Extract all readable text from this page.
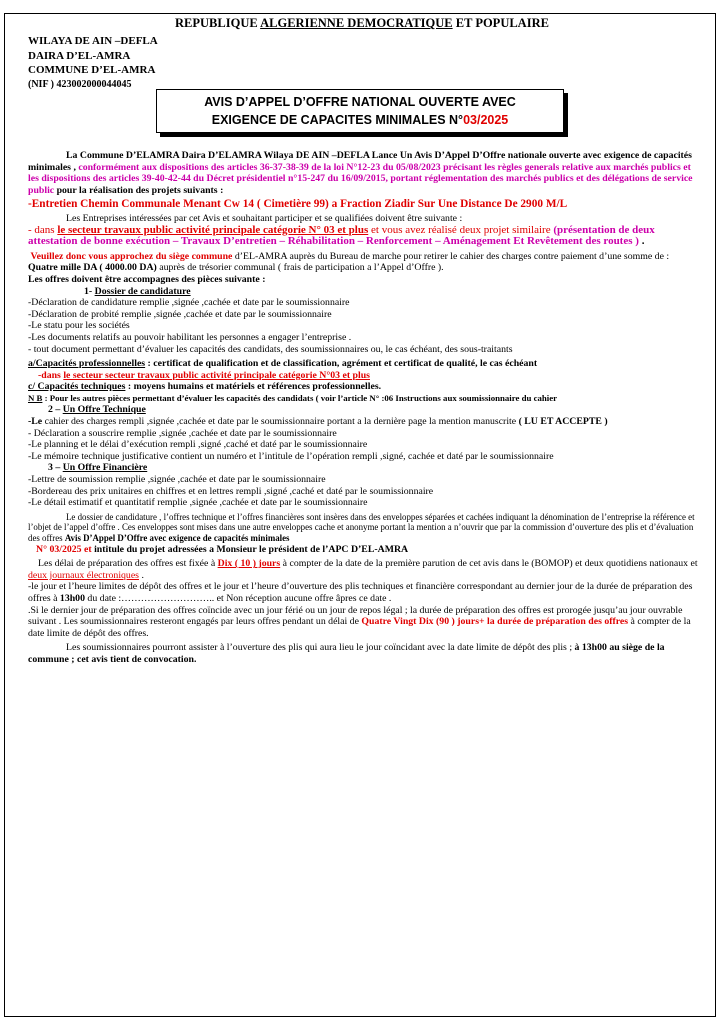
REPUBLIQUE ALGERIENNE DEMOCRATIQUE ET POPULAIRE
WILAYA DE AIN –DEFLA
DAIRA D’EL-AMRA
COMMUNE D’EL-AMRA
(NIF ) 423002000044045
AVIS D’APPEL D’OFFRE NATIONAL OUVERTE AVEC
EXIGENCE DE CAPACITES MINIMALES N°03/2025

La Commune D’ELAMRA Daira D’ELAMRA Wilaya DE AIN –DEFLA Lance Un Avis D’Appel D’Offre nationale ouverte avec exigence de capacités minimales , conformément aux dispositions des articles 36-37-38-39 de la loi N°12-23 du 05/08/2023 précisant les règles generals relative aux marchés publics et les dispositions des articles 39-40-42-44 du Décret présidentiel n°15-247 du 16/09/2015, portant réglementation des marchés publics et des délégations de service public pour la réalisation des projets suivants :

-Entretien Chemin Communale Menant Cw 14 ( Cimetière 99) a Fraction Ziadir Sur Une Distance De 2900 M/L

Les Entreprises intéressées par cet Avis et souhaitant participer et se qualifiées doivent être suivante :

- dans le secteur travaux public activité principale catégorie N° 03 et plus et vous avez réalisé deux projet similaire (présentation de deux attestation de bonne exécution – Travaux D’entretien – Réhabilitation – Renforcement – Aménagement Et Revêtement des routes ) .

Veuillez donc vous approchez du siège commune d’EL-AMRA auprès du Bureau de marche pour retirer le cahier des charges contre paiement d’une somme de : Quatre mille DA ( 4000.00 DA) auprès de trésorier communal ( frais de participation a l’Appel d’Offre ).

Les offres doivent être accompagnes des pièces suivante :

1- Dossier de candidature

-Déclaration de candidature remplie ,signée ,cachée et date par le soumissionnaire

-Déclaration de probité remplie ,signée ,cachée et date par le soumissionnaire

-Le statu pour les sociétés

-Les documents relatifs au pouvoir habilitant les personnes a engager l’entreprise .

- tout document permettant d’évaluer les capacités des candidats, des soumissionnaires ou, le cas échéant, des sous-traitants

a/Capacités professionnelles : certificat de qualification et de classification, agrément et certificat de qualité, le cas échéant

-dans le secteur secteur travaux public activité principale catégorie N°03 et plus

c/ Capacités techniques : moyens humains et matériels et références professionnelles.

N B : Pour les autres pièces permettant d’évaluer les capacités des candidats ( voir l’article N° :06 Instructions aux soumissionnaire du cahier

2 – Un Offre Technique

-Le cahier des charges rempli ,signée ,cachée et date par le soumissionnaire portant a la dernière page la mention manuscrite ( LU ET ACCEPTE )

- Déclaration a souscrire remplie ,signée ,cachée et date par le soumissionnaire

-Le planning et le délai d’exécution rempli ,signé ,caché et daté par le soumissionnaire

-Le mémoire technique justificative contient un numéro et l’intitule de l’opération rempli ,signé, cachée et daté par le soumissionnaire

3 – Un Offre Financière

-Lettre de soumission remplie ,signée ,cachée et date par le soumissionnaire

-Bordereau des prix unitaires en chiffres et en lettres rempli ,signé ,caché et daté par le soumissionnaire

-Le détail estimatif et quantitatif remplie ,signée ,cachée et date par le soumissionnaire

Le dossier de candidature , l’offres technique et l’offres financières sont insères dans des enveloppes séparées et cachées indiquant la dénomination de l’entreprise la référence et l’objet de l’appel d’offre . Ces enveloppes sont mises dans une autre enveloppes cache et anonyme portant la mention a n’ouvrir que par la commission d’ouverture des plis et d’évaluation des offres Avis D’Appel D’Offre avec exigence de capacités minimales

N° 03/2025 et intitule du projet adressées a Monsieur le président de l’APC D’EL-AMRA

Les délai de préparation des offres est fixée à Dix ( 10 ) jours à compter de la date de la première parution de cet avis dans le (BOMOP) et deux quotidiens nationaux et deux journaux électroniques .

-le jour et l’heure limites de dépôt des offres et le jour et l’heure d’ouverture des plis techniques et financière correspondant au dernier jour de la durée de préparation des offres à 13h00 du date :……………………….. et Non réception aucune offre âpres ce date .

.Si le dernier jour de préparation des offres coïncide avec un jour férié ou un jour de repos légal ; la durée de préparation des offres est prorogée jusqu’au jour ouvrable suivant . Les soumissionnaires resteront engagés par leurs offres pendant un délai de Quatre Vingt Dix (90 ) jours+ la durée de préparation des offres à compter de la date limite de dépôt des offres.

Les soumissionnaires pourront assister à l’ouverture des plis qui aura lieu le jour coïncidant avec la date limite de dépôt des plis ; à 13h00 au siège de la commune ; cet avis tient de convocation.
